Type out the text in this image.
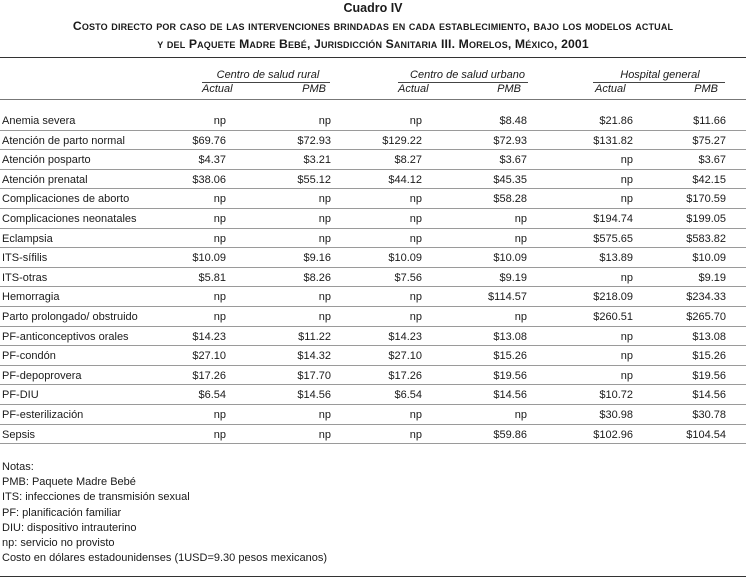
Cuadro IV
Costo directo por caso de las intervenciones brindadas en cada establecimiento, bajo los modelos actual
y del Paquete Madre Bebé, Jurisdicción Sanitaria III. Morelos, México, 2001
Centro de salud rural	Centro de salud urbano	Hospital general
Actual	PMB	Actual	PMB	Actual	PMB
Anemia severa	np	np	np	$8.48	$21.86	$11.66
Atención de parto normal	$69.76	$72.93	$129.22	$72.93	$131.82	$75.27
Atención posparto	$4.37	$3.21	$8.27	$3.67	np	$3.67
Atención prenatal	$38.06	$55.12	$44.12	$45.35	np	$42.15
Complicaciones de aborto	np	np	np	$58.28	np	$170.59
Complicaciones neonatales	np	np	np	np	$194.74	$199.05
Eclampsia	np	np	np	np	$575.65	$583.82
ITS-sífilis	$10.09	$9.16	$10.09	$10.09	$13.89	$10.09
ITS-otras	$5.81	$8.26	$7.56	$9.19	np	$9.19
Hemorragia	np	np	np	$114.57	$218.09	$234.33
Parto prolongado/ obstruido	np	np	np	np	$260.51	$265.70
PF-anticonceptivos orales	$14.23	$11.22	$14.23	$13.08	np	$13.08
PF-condón	$27.10	$14.32	$27.10	$15.26	np	$15.26
PF-depoprovera	$17.26	$17.70	$17.26	$19.56	np	$19.56
PF-DIU	$6.54	$14.56	$6.54	$14.56	$10.72	$14.56
PF-esterilización	np	np	np	np	$30.98	$30.78
Sepsis	np	np	np	$59.86	$102.96	$104.54
Notas:
PMB: Paquete Madre Bebé
ITS: infecciones de transmisión sexual
PF: planificación familiar
DIU: dispositivo intrauterino
np: servicio no provisto
Costo en dólares estadounidenses (1USD=9.30 pesos mexicanos)
